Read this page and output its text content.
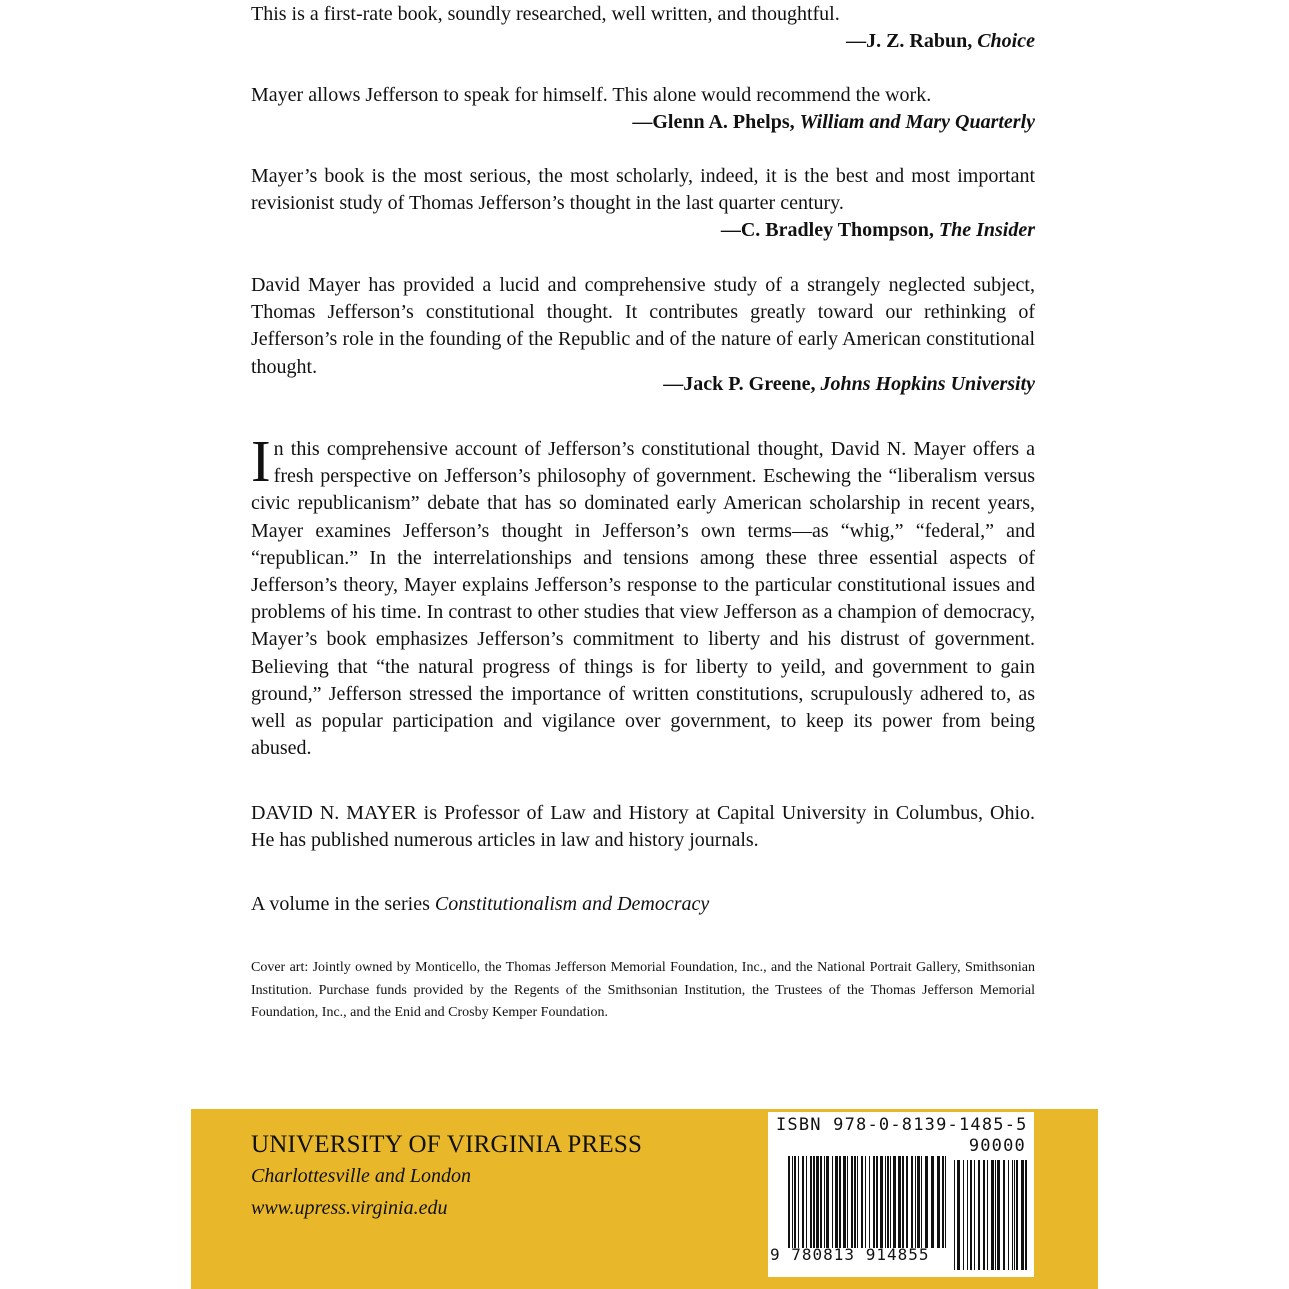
This is a first-rate book, soundly researched, well written, and thoughtful.

—J. Z. Rabun, Choice

Mayer allows Jefferson to speak for himself. This alone would recommend the work.

—Glenn A. Phelps, William and Mary Quarterly

Mayer’s book is the most serious, the most scholarly, indeed, it is the best and most important revisionist study of Thomas Jefferson’s thought in the last quarter century.

—C. Bradley Thompson, The Insider

David Mayer has provided a lucid and comprehensive study of a strangely neglected subject, Thomas Jefferson’s constitutional thought. It contributes greatly toward our rethinking of Jefferson’s role in the founding of the Republic and of the nature of early American constitutional thought.

—Jack P. Greene, Johns Hopkins University

In this comprehensive account of Jefferson’s constitutional thought, David N. Mayer offers a fresh perspective on Jefferson’s philosophy of government. Eschewing the “liberalism versus civic republicanism” debate that has so dominated early American scholarship in recent years, Mayer examines Jefferson’s thought in Jefferson’s own terms—as “whig,” “federal,” and “republican.” In the interrelationships and tensions among these three essential aspects of Jefferson’s theory, Mayer explains Jefferson’s response to the particular constitutional issues and problems of his time. In contrast to other studies that view Jefferson as a champion of democracy, Mayer’s book emphasizes Jefferson’s commitment to liberty and his distrust of government. Believing that “the natural progress of things is for liberty to yeild, and government to gain ground,” Jefferson stressed the importance of written constitutions, scrupulously adhered to, as well as popular participation and vigilance over government, to keep its power from being abused.

DAVID N. MAYER is Professor of Law and History at Capital University in Columbus, Ohio. He has published numerous articles in law and history journals.

A volume in the series Constitutionalism and Democracy

Cover art: Jointly owned by Monticello, the Thomas Jefferson Memorial Foundation, Inc., and the National Portrait Gallery, Smithsonian Institution. Purchase funds provided by the Regents of the Smithsonian Institution, the Trustees of the Thomas Jefferson Memorial Foundation, Inc., and the Enid and Crosby Kemper Foundation.

UNIVERSITY OF VIRGINIA PRESS

Charlottesville and London

www.upress.virginia.edu

ISBN 978-0-8139-1485-5
90000
9 780813 914855
